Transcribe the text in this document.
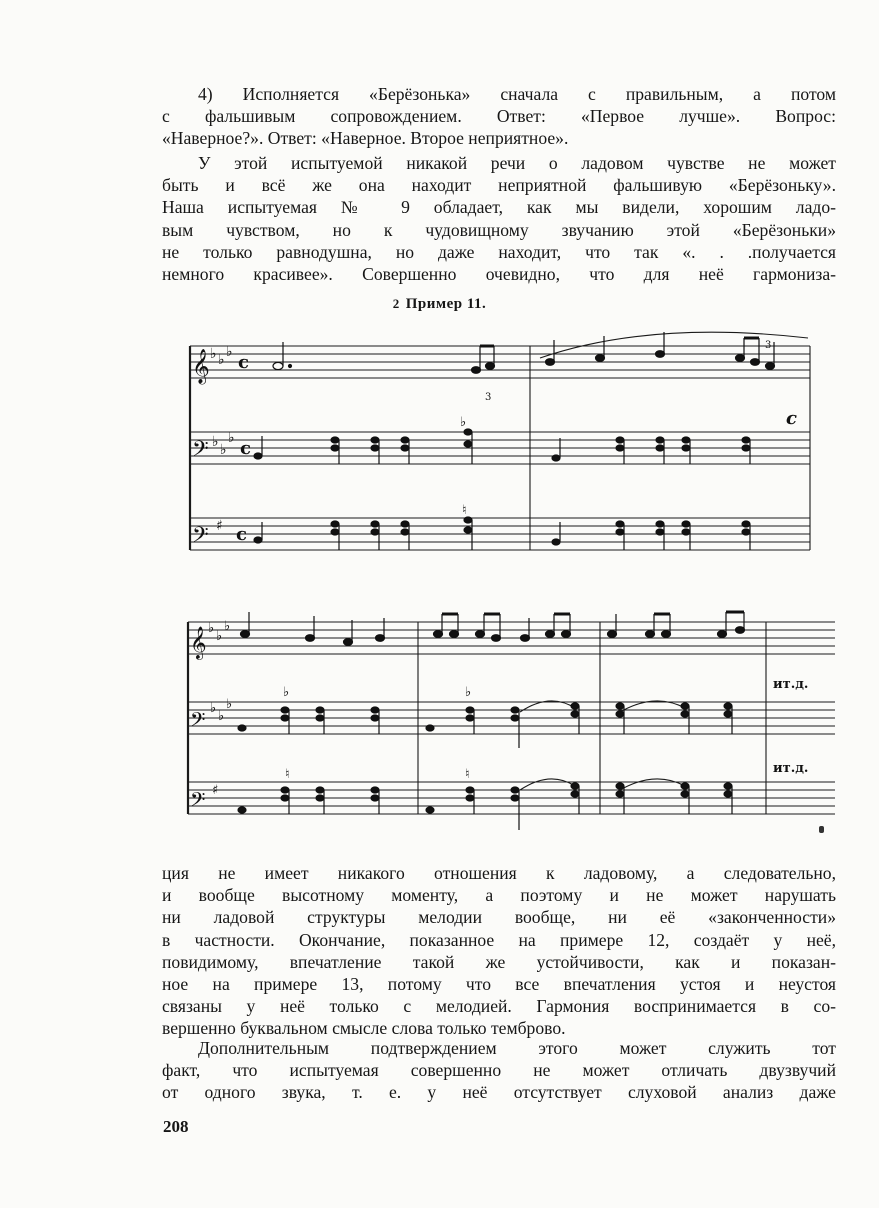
4) Исполняется «Берёзонька» сначала с правильным, а потом
с фальшивым сопровождением. Ответ: «Первое лучше». Вопрос:
«Наверное?». Ответ: «Наверное. Второе неприятное».

У этой испытуемой никакой речи о ладовом чувстве не может
быть и всё же она находит неприятной фальшивую «Берёзоньку».
Наша испытуемая № 9 обладает, как мы видели, хорошим ладо-
вым чувством, но к чудовищному звучанию этой «Берёзоньки»
не только равнодушна, но даже находит, что так «. . .получается
немного красивее». Совершенно очевидно, что для неё гармониза-

2 Пример 11.
𝄞
𝄢
𝄢
♭ ♭ ♭
♭ ♭
♭
♯
c
c
c
c
3
3
♭
♮
𝄞
𝄢
𝄢
♭
♭
♭
♭
♭
♭
♯
♭	♭
♮	♮
ит.д.
ит.д.

ция не имеет никакого отношения к ладовому, а следовательно,
и вообще высотному моменту, а поэтому и не может нарушать
ни ладовой структуры мелодии вообще, ни её «законченности»
в частности. Окончание, показанное на примере 12, создаёт у неё,
повидимому, впечатление такой же устойчивости, как и показан-
ное на примере 13, потому что все впечатления устоя и неустоя
связаны у неё только с мелодией. Гармония воспринимается в со-
вершенно буквальном смысле слова только темброво.

Дополнительным подтверждением этого может служить тот
факт, что испытуемая совершенно не может отличать двузвучий
от одного звука, т. е. у неё отсутствует слуховой анализ даже

208
